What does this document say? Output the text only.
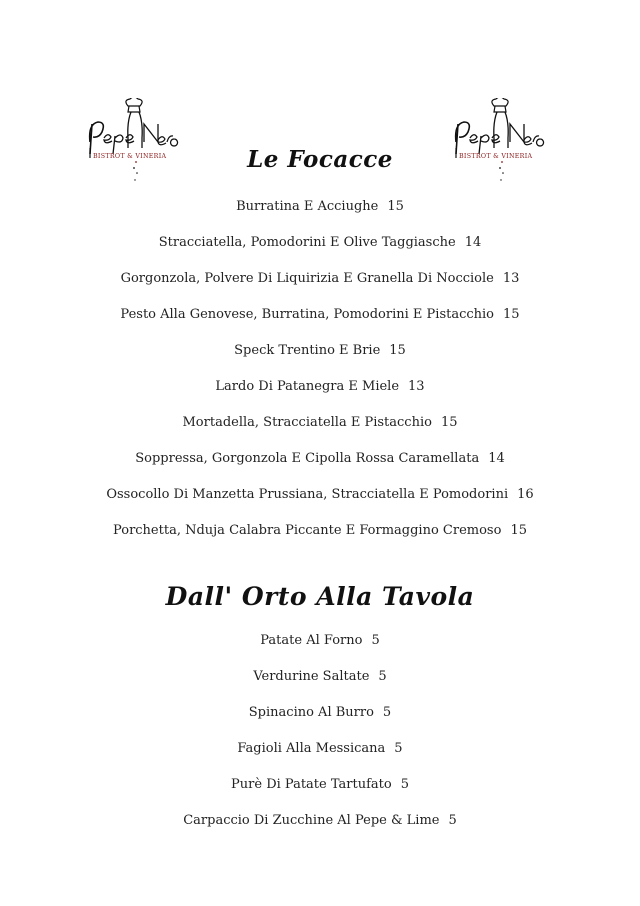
BISTROT & VINERIA	BISTROT & VINERIA
Le Focacce
Burratina E Acciughe 15
Stracciatella, Pomodorini E Olive Taggiasche 14
Gorgonzola, Polvere Di Liquirizia E Granella Di Nocciole 13
Pesto Alla Genovese, Burratina, Pomodorini E Pistacchio 15
Speck Trentino E Brie 15
Lardo Di Patanegra E Miele 13
Mortadella, Stracciatella E Pistacchio 15
Soppressa, Gorgonzola E Cipolla Rossa Caramellata 14
Ossocollo Di Manzetta Prussiana, Stracciatella E Pomodorini 16
Porchetta, Nduja Calabra Piccante E Formaggino Cremoso 15
Dall' Orto Alla Tavola
Patate Al Forno 5
Verdurine Saltate 5
Spinacino Al Burro 5
Fagioli Alla Messicana 5
Purè Di Patate Tartufato 5
Carpaccio Di Zucchine Al Pepe & Lime 5
